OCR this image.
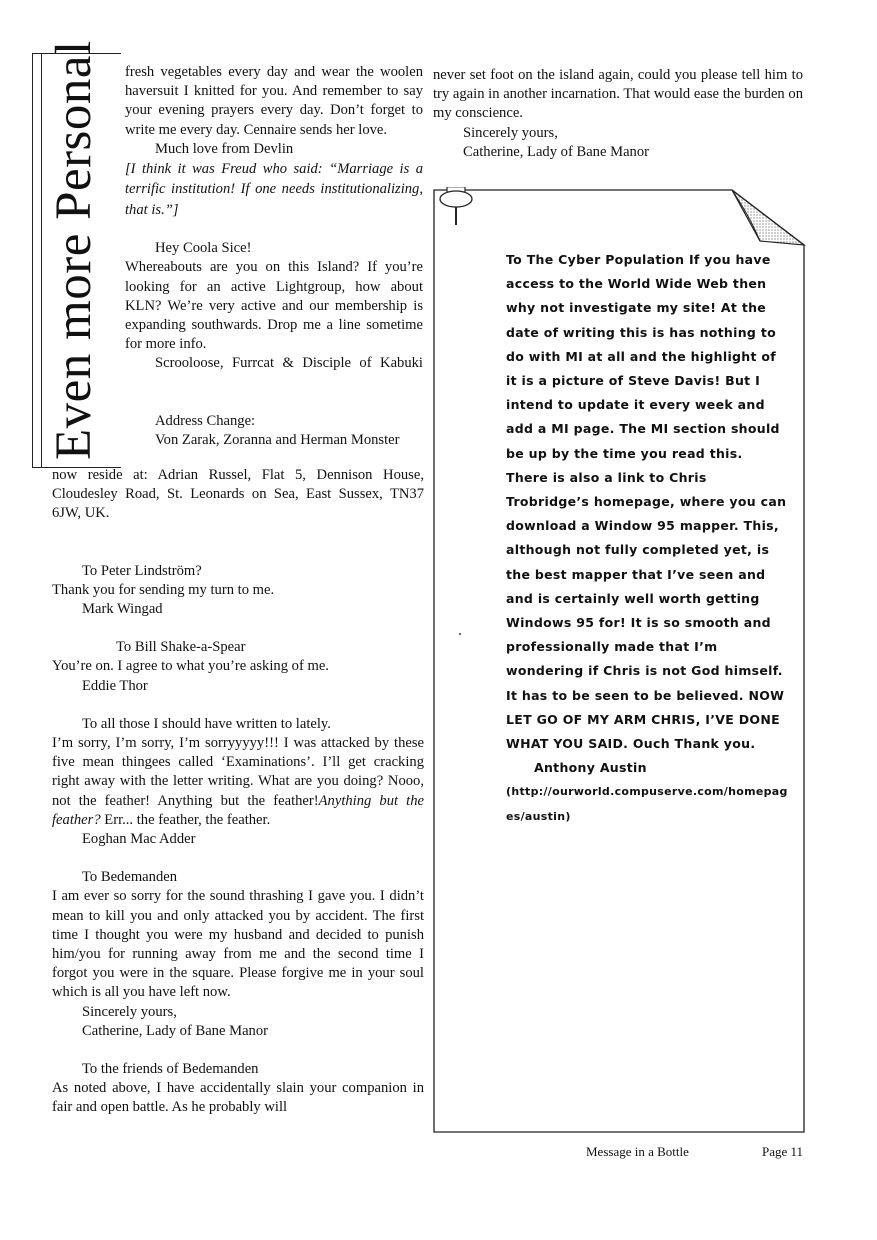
Even more Personal fresh vegetables every day and wear the woolen haversuit I knitted for you. And remember to say your evening prayers every day. Don’t forget to write me every day. Cennaire sends her love.

Much love from Devlin

[I think it was Freud who said: “Marriage is a terrific institution! If one needs institutionalizing, that is.”]

Hey Coola Sice!

Whereabouts are you on this Island? If you’re looking for an active Lightgroup, how about KLN? We’re very active and our membership is expanding southwards. Drop me a line sometime for more info.

Scrooloose, Furrcat & Disciple of Kabuki

Address Change:

Von Zarak, Zoranna and Herman Monster

now reside at: Adrian Russel, Flat 5, Dennison House, Cloudesley Road, St. Leonards on Sea, East Sussex, TN37 6JW, UK.

To Peter Lindström?

Thank you for sending my turn to me.

Mark Wingad

To Bill Shake-a-Spear

You’re on. I agree to what you’re asking of me.

Eddie Thor

To all those I should have written to lately.

I’m sorry, I’m sorry, I’m sorryyyyy!!! I was attacked by these five mean thingees called ‘Examinations’. I’ll get cracking right away with the letter writing. What are you doing? Nooo, not the feather! Anything but the feather!Anything but the feather? Err... the feather, the feather.

Eoghan Mac Adder

To Bedemanden

I am ever so sorry for the sound thrashing I gave you. I didn’t mean to kill you and only attacked you by accident. The first time I thought you were my husband and decided to punish him/you for running away from me and the second time I forgot you were in the square. Please forgive me in your soul which is all you have left now.

Sincerely yours,

Catherine, Lady of Bane Manor

To the friends of Bedemanden

As noted above, I have accidentally slain your companion in fair and open battle. As he probably will

never set foot on the island again, could you please tell him to try again in another incarnation. That would ease the burden on my conscience.

Sincerely yours,

Catherine, Lady of Bane Manor

To The Cyber Population If you have access to the World Wide Web then why not investigate my site! At the date of writing this is has nothing to do with MI at all and the highlight of it is a picture of Steve Davis! But I intend to update it every week and add a MI page. The MI section should be up by the time you read this. There is also a link to Chris Trobridge’s homepage, where you can download a Window 95 mapper. This, although not fully completed yet, is the best mapper that I’ve seen and and is certainly well worth getting Windows 95 for! It is so smooth and professionally made that I’m wondering if Chris is not God himself. It has to be seen to be believed. NOW LET GO OF MY ARM CHRIS, I’VE DONE WHAT YOU SAID. Ouch Thank you.

Anthony Austin

(http://ourworld.compuserve.com/homepages/austin)

Message in a Bottle	Page 11
